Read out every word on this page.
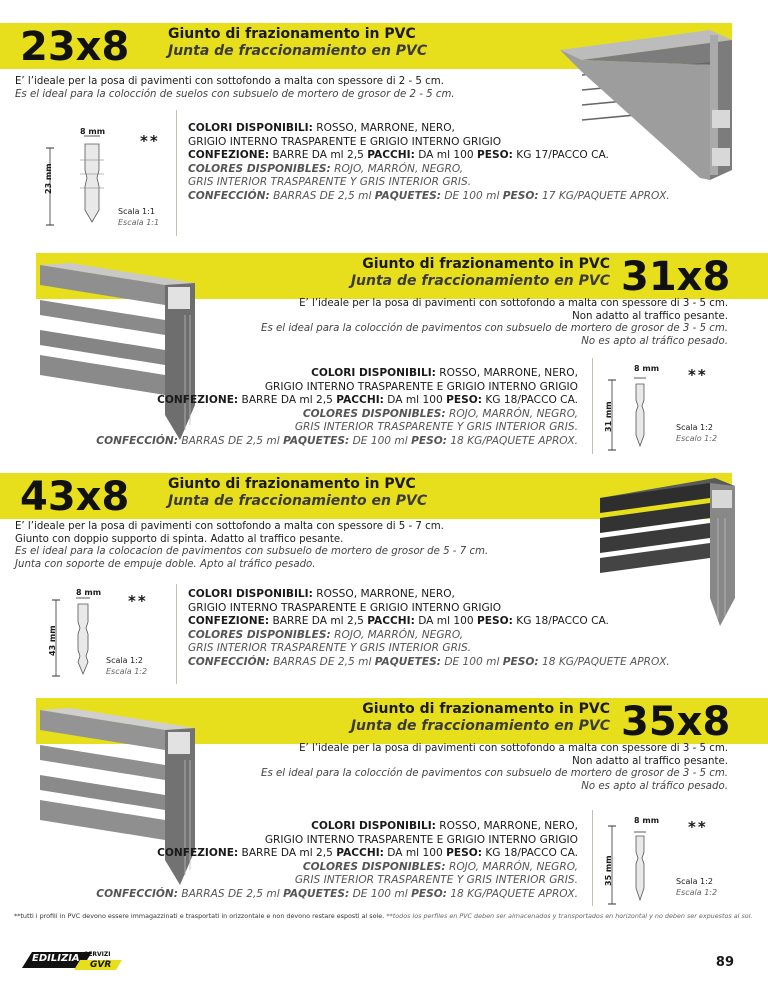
23x8	Giunto di frazionamento in PVC
Junta de fraccionamiento en PVC
E’ l’ideale per la posa di pavimenti con sottofondo a malta con spessore di 2 - 5 cm.
Es el ideal para la colocción de suelos con subsuelo de mortero de grosor de 2 - 5 cm.
8 mm
23 mm
**
Scala 1:1
Escala 1:1
COLORI DISPONIBILI: ROSSO, MARRONE, NERO,
GRIGIO INTERNO TRASPARENTE E GRIGIO INTERNO GRIGIO
CONFEZIONE: BARRE DA ml 2,5 PACCHI: DA ml 100 PESO: KG 17/PACCO CA.
COLORES DISPONIBLES: ROJO, MARRÓN, NEGRO,
GRIS INTERIOR TRASPARENTE Y GRIS INTERIOR GRIS.
CONFECCIÓN: BARRAS DE 2,5 ml PAQUETES: DE 100 ml PESO: 17 KG/PAQUETE APROX.
31x8
Giunto di frazionamento in PVC
Junta de fraccionamiento en PVC
E’ l’ideale per la posa di pavimenti con sottofondo a malta con spessore di 3 - 5 cm.
Non adatto al traffico pesante.
Es el ideal para la colocción de pavimentos con subsuelo de mortero de grosor de 3 - 5 cm.
No es apto al tráfico pesado.
COLORI DISPONIBILI: ROSSO, MARRONE, NERO,
GRIGIO INTERNO TRASPARENTE E GRIGIO INTERNO GRIGIO
CONFEZIONE: BARRE DA ml 2,5 PACCHI: DA ml 100 PESO: KG 18/PACCO CA.
COLORES DISPONIBLES: ROJO, MARRÓN, NEGRO,
GRIS INTERIOR TRASPARENTE Y GRIS INTERIOR GRIS.
CONFECCIÓN: BARRAS DE 2,5 ml PAQUETES: DE 100 ml PESO: 18 KG/PAQUETE APROX.
8 mm
31 mm
**
Scala 1:2
Escalo 1:2
43x8	Giunto di frazionamento in PVC
Junta de fraccionamiento en PVC
E’ l’ideale per la posa di pavimenti con sottofondo a malta con spessore di 5 - 7 cm.
Giunto con doppio supporto di spinta. Adatto al traffico pesante.
Es el ideal para la colocacion de pavimentos con subsuelo de mortero de grosor de 5 - 7 cm.
Junta con soporte de empuje doble. Apto al tráfico pesado.
8 mm
43 mm
**
Scala 1:2
Escala 1:2
COLORI DISPONIBILI: ROSSO, MARRONE, NERO,
GRIGIO INTERNO TRASPARENTE E GRIGIO INTERNO GRIGIO
CONFEZIONE: BARRE DA ml 2,5 PACCHI: DA ml 100 PESO: KG 18/PACCO CA.
COLORES DISPONIBLES: ROJO, MARRÓN, NEGRO,
GRIS INTERIOR TRASPARENTE Y GRIS INTERIOR GRIS.
CONFECCIÓN: BARRAS DE 2,5 ml PAQUETES: DE 100 ml PESO: 18 KG/PAQUETE APROX.
35x8
Giunto di frazionamento in PVC
Junta de fraccionamiento en PVC
E’ l’ideale per la posa di pavimenti con sottofondo a malta con spessore di 3 - 5 cm.
Non adatto al traffico pesante.
Es el ideal para la colocción de pavimentos con subsuelo de mortero de grosor de 3 - 5 cm.
No es apto al tráfico pesado.
COLORI DISPONIBILI: ROSSO, MARRONE, NERO,
GRIGIO INTERNO TRASPARENTE E GRIGIO INTERNO GRIGIO
CONFEZIONE: BARRE DA ml 2,5 PACCHI: DA ml 100 PESO: KG 18/PACCO CA.
COLORES DISPONIBLES: ROJO, MARRÓN, NEGRO,
GRIS INTERIOR TRASPARENTE Y GRIS INTERIOR GRIS.
CONFECCIÓN: BARRAS DE 2,5 ml PAQUETES: DE 100 ml PESO: 18 KG/PAQUETE APROX.
8 mm
35 mm
**
Scala 1:2
Escala 1:2
**tutti i profili in PVC devono essere immagazzinati e trasportati in orizzontale e non devono restare esposti al sole. **todos los perfiles en PVC deben ser almacenados y transportados en horizontal y no deben ser expuestos al sol.
EDILIZIA SERVIZI
GVR	89
